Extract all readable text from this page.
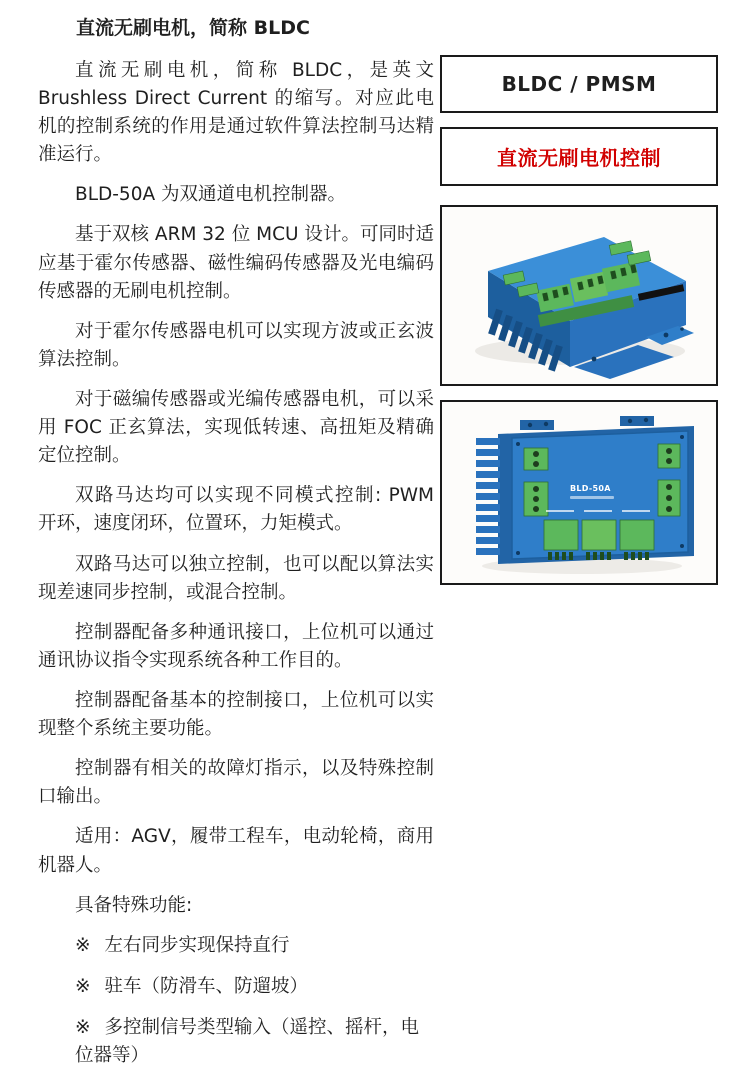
直流无刷电机，简称 BLDC

直流无刷电机，简称 BLDC，是英文 Brushless Direct Current 的缩写。对应此电机的控制系统的作用是通过软件算法控制马达精准运行。

BLD-50A 为双通道电机控制器。

基于双核 ARM 32 位 MCU 设计。可同时适应基于霍尔传感器、磁性编码传感器及光电编码传感器的无刷电机控制。

对于霍尔传感器电机可以实现方波或正玄波算法控制。

对于磁编传感器或光编传感器电机，可以采用 FOC 正玄算法，实现低转速、高扭矩及精确定位控制。

双路马达均可以实现不同模式控制: PWM 开环，速度闭环，位置环，力矩模式。

双路马达可以独立控制，也可以配以算法实现差速同步控制，或混合控制。

控制器配备多种通讯接口，上位机可以通过通讯协议指令实现系统各种工作目的。

控制器配备基本的控制接口，上位机可以实现整个系统主要功能。

控制器有相关的故障灯指示，以及特殊控制口输出。

适用：AGV，履带工程车，电动轮椅，商用机器人。

具备特殊功能:

※ 左右同步实现保持直行
※ 驻车（防滑车、防遛坡）
※ 多控制信号类型输入（遥控、摇杆，电位器等）
BLDC / PMSM
直流无刷电机控制
BLD-50A
